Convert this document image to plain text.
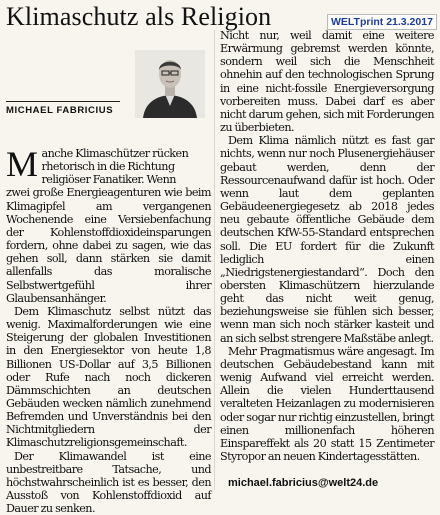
Klimaschutz als Religion	WELTprint 21.3.2017
MICHAEL FABRICIUS
M anche Klimaschützer rücken
rhetorisch in die Richtung
religiöser Fanatiker. Wenn

zwei große Energieagenturen wie beim Klimagipfel am vergangenen Wochenende eine Versiebenfachung der Kohlenstoffdioxideinsparungen fordern, ohne dabei zu sagen, wie das gehen soll, dann stärken sie damit allenfalls das moralische Selbstwertgefühl ihrer Glaubensanhänger.

Dem Klimaschutz selbst nützt das wenig. Maximalforderungen wie eine Steigerung der globalen Investitionen in den Energiesektor von heute 1,8 Billionen US-Dollar auf 3,5 Billionen oder Rufe nach noch dickeren Dämmschichten an deutschen Gebäuden wecken nämlich zunehmend Befremden und Unverständnis bei den Nichtmitgliedern der Klimaschutzreligionsgemeinschaft.

Der Klimawandel ist eine unbestreitbare Tatsache, und höchstwahrscheinlich ist es besser, den Ausstoß von Kohlenstoffdioxid auf Dauer zu senken.

Nicht nur, weil damit eine weitere Erwärmung gebremst werden könnte, sondern weil sich die Menschheit ohnehin auf den technologischen Sprung in eine nicht-fossile Energieversorgung vorbereiten muss. Dabei darf es aber nicht darum gehen, sich mit Forderungen zu überbieten.

Dem Klima nämlich nützt es fast gar nichts, wenn nur noch Plusenergiehäuser gebaut werden, denn der Ressourcenaufwand dafür ist hoch. Oder wenn laut dem geplanten Gebäudeenergiegesetz ab 2018 jedes neu gebaute öffentliche Gebäude dem deutschen KfW-55-Standard entsprechen soll. Die EU fordert für die Zukunft lediglich einen „Niedrigstenergiestandard“. Doch den obersten Klimaschützern hierzulande geht das nicht weit genug, beziehungsweise sie fühlen sich besser, wenn man sich noch stärker kasteit und an sich selbst strengere Maßstäbe anlegt.

Mehr Pragmatismus wäre angesagt. Im deutschen Gebäudebestand kann mit wenig Aufwand viel erreicht werden. Allein die vielen Hunderttausend veralteten Heizanlagen zu modernisieren oder sogar nur richtig einzustellen, bringt einen millionenfach höheren Einspareffekt als 20 statt 15 Zentimeter Styropor an neuen Kindertagesstätten.

michael.fabricius@welt24.de
